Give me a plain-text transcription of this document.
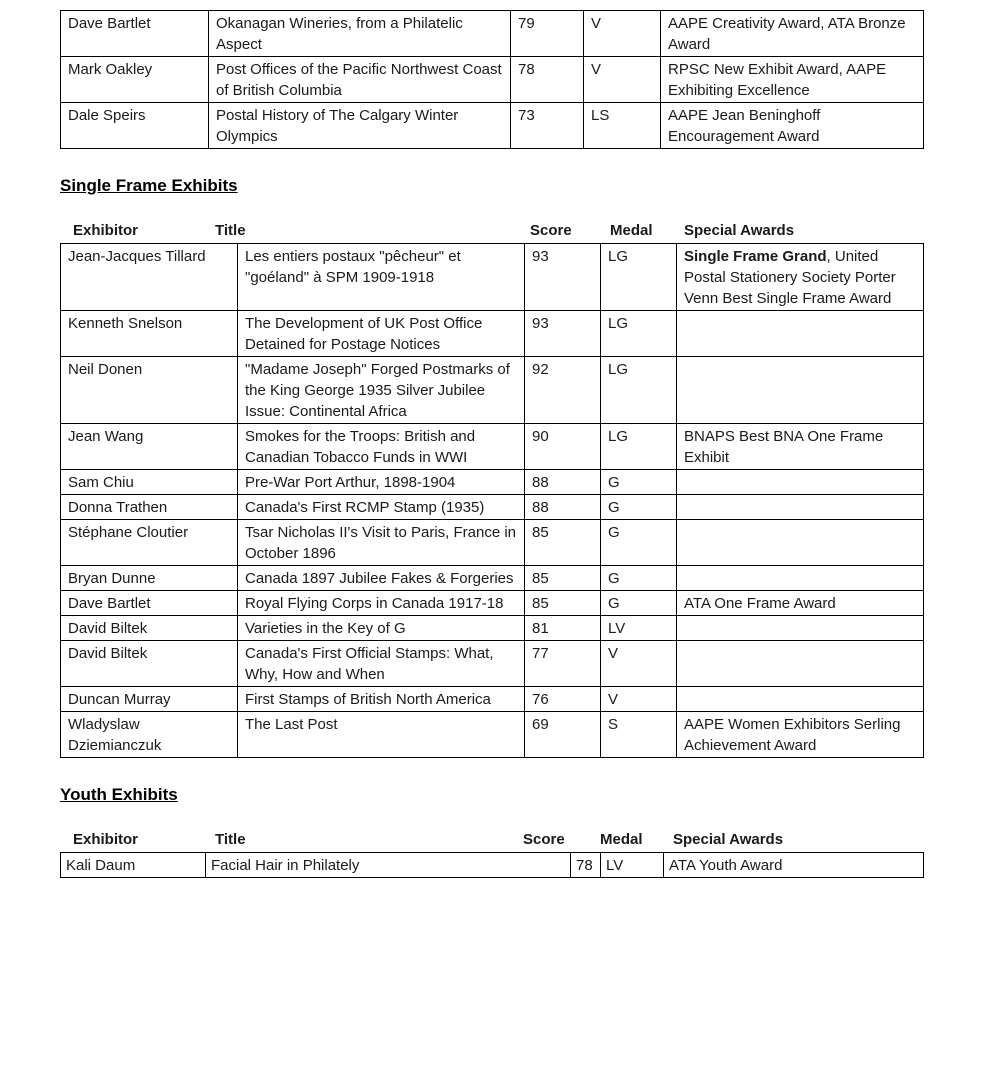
Dave Bartlet	Okanagan Wineries, from a Philatelic Aspect	79	V	AAPE Creativity Award, ATA Bronze Award
Mark Oakley	Post Offices of the Pacific Northwest Coast of British Columbia	78	V	RPSC New Exhibit Award, AAPE Exhibiting Excellence
Dale Speirs	Postal History of The Calgary Winter Olympics	73	LS	AAPE Jean Beninghoff Encouragement Award
Single Frame Exhibits
Exhibitor	Title	Score	Medal Special Awards
Jean-Jacques Tillard	Les entiers postaux "pêcheur" et "goéland" à SPM 1909-1918	93	LG	Single Frame Grand, United Postal Stationery Society Porter Venn Best Single Frame Award
Kenneth Snelson	The Development of UK Post Office Detained for Postage Notices	93	LG	
Neil Donen	"Madame Joseph" Forged Postmarks of the King George 1935 Silver Jubilee Issue: Continental Africa	92	LG	
Jean Wang	Smokes for the Troops: British and Canadian Tobacco Funds in WWI	90	LG	BNAPS Best BNA One Frame Exhibit
Sam Chiu	Pre-War Port Arthur, 1898-1904	88	G	
Donna Trathen	Canada's First RCMP Stamp (1935)	88	G	
Stéphane Cloutier	Tsar Nicholas II's Visit to Paris, France in October 1896	85	G	
Bryan Dunne	Canada 1897 Jubilee Fakes & Forgeries	85	G	
Dave Bartlet	Royal Flying Corps in Canada 1917-18	85	G	ATA One Frame Award
David Biltek	Varieties in the Key of G	81	LV	
David Biltek	Canada's First Official Stamps: What, Why, How and When	77	V	
Duncan Murray	First Stamps of British North America	76	V	
Wladyslaw Dziemianczuk	The Last Post	69	S	AAPE Women Exhibitors Serling Achievement Award
Youth Exhibits
Exhibitor	Title	Score Medal Special Awards
Kali Daum	Facial Hair in Philately	78	LV	ATA Youth Award
